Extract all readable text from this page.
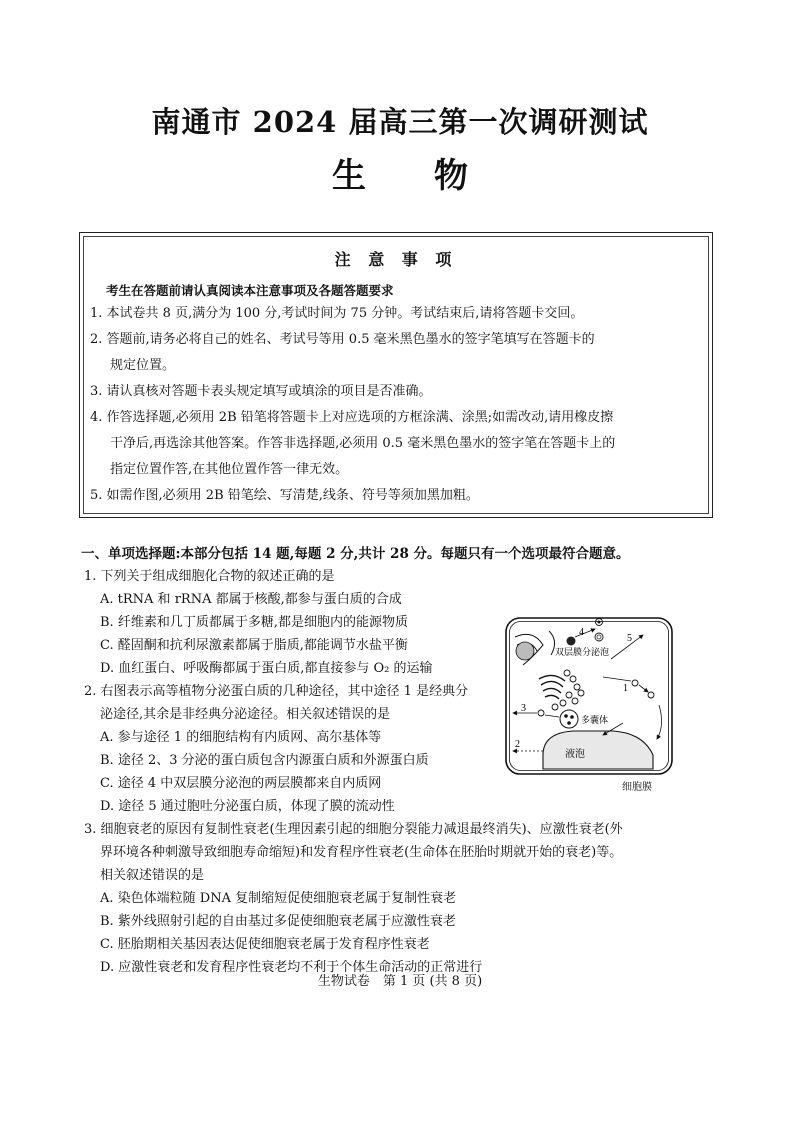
南通市 2024 届高三第一次调研测试
生 物
注 意 事 项
考生在答题前请认真阅读本注意事项及各题答题要求
1. 本试卷共 8 页,满分为 100 分,考试时间为 75 分钟。考试结束后,请将答题卡交回。
2. 答题前,请务必将自己的姓名、考试号等用 0.5 毫米黑色墨水的签字笔填写在答题卡的
规定位置。
3. 请认真核对答题卡表头规定填写或填涂的项目是否准确。
4. 作答选择题,必须用 2B 铅笔将答题卡上对应选项的方框涂满、涂黑;如需改动,请用橡皮擦
干净后,再选涂其他答案。作答非选择题,必须用 0.5 毫米黑色墨水的签字笔在答题卡上的
指定位置作答,在其他位置作答一律无效。
5. 如需作图,必须用 2B 铅笔绘、写清楚,线条、符号等须加黑加粗。
一、单项选择题:本部分包括 14 题,每题 2 分,共计 28 分。每题只有一个选项最符合题意。
1. 下列关于组成细胞化合物的叙述正确的是
A. tRNA 和 rRNA 都属于核酸,都参与蛋白质的合成
B. 纤维素和几丁质都属于多糖,都是细胞内的能源物质
C. 醛固酮和抗利尿激素都属于脂质,都能调节水盐平衡
D. 血红蛋白、呼吸酶都属于蛋白质,都直接参与 O₂ 的运输
2. 右图表示高等植物分泌蛋白质的几种途径，其中途径 1 是经典分
泌途径,其余是非经典分泌途径。相关叙述错误的是
A. 参与途径 1 的细胞结构有内质网、高尔基体等
B. 途径 2、3 分泌的蛋白质包含内源蛋白质和外源蛋白质
C. 途径 4 中双层膜分泌泡的两层膜都来自内质网
D. 途径 5 通过胞吐分泌蛋白质，体现了膜的流动性
3. 细胞衰老的原因有复制性衰老(生理因素引起的细胞分裂能力减退最终消失)、应激性衰老(外
界环境各种刺激导致细胞寿命缩短)和发育程序性衰老(生命体在胚胎时期就开始的衰老)等。
相关叙述错误的是
A. 染色体端粒随 DNA 复制缩短促使细胞衰老属于复制性衰老
B. 紫外线照射引起的自由基过多促使细胞衰老属于应激性衰老
C. 胚胎期相关基因表达促使细胞衰老属于发育程序性衰老
D. 应激性衰老和发育程序性衰老均不利于个体生命活动的正常进行
4
双层膜分泌泡
5
1
多囊体
3
液泡
2
细胞膜
生物试卷　第 1 页 (共 8 页)
